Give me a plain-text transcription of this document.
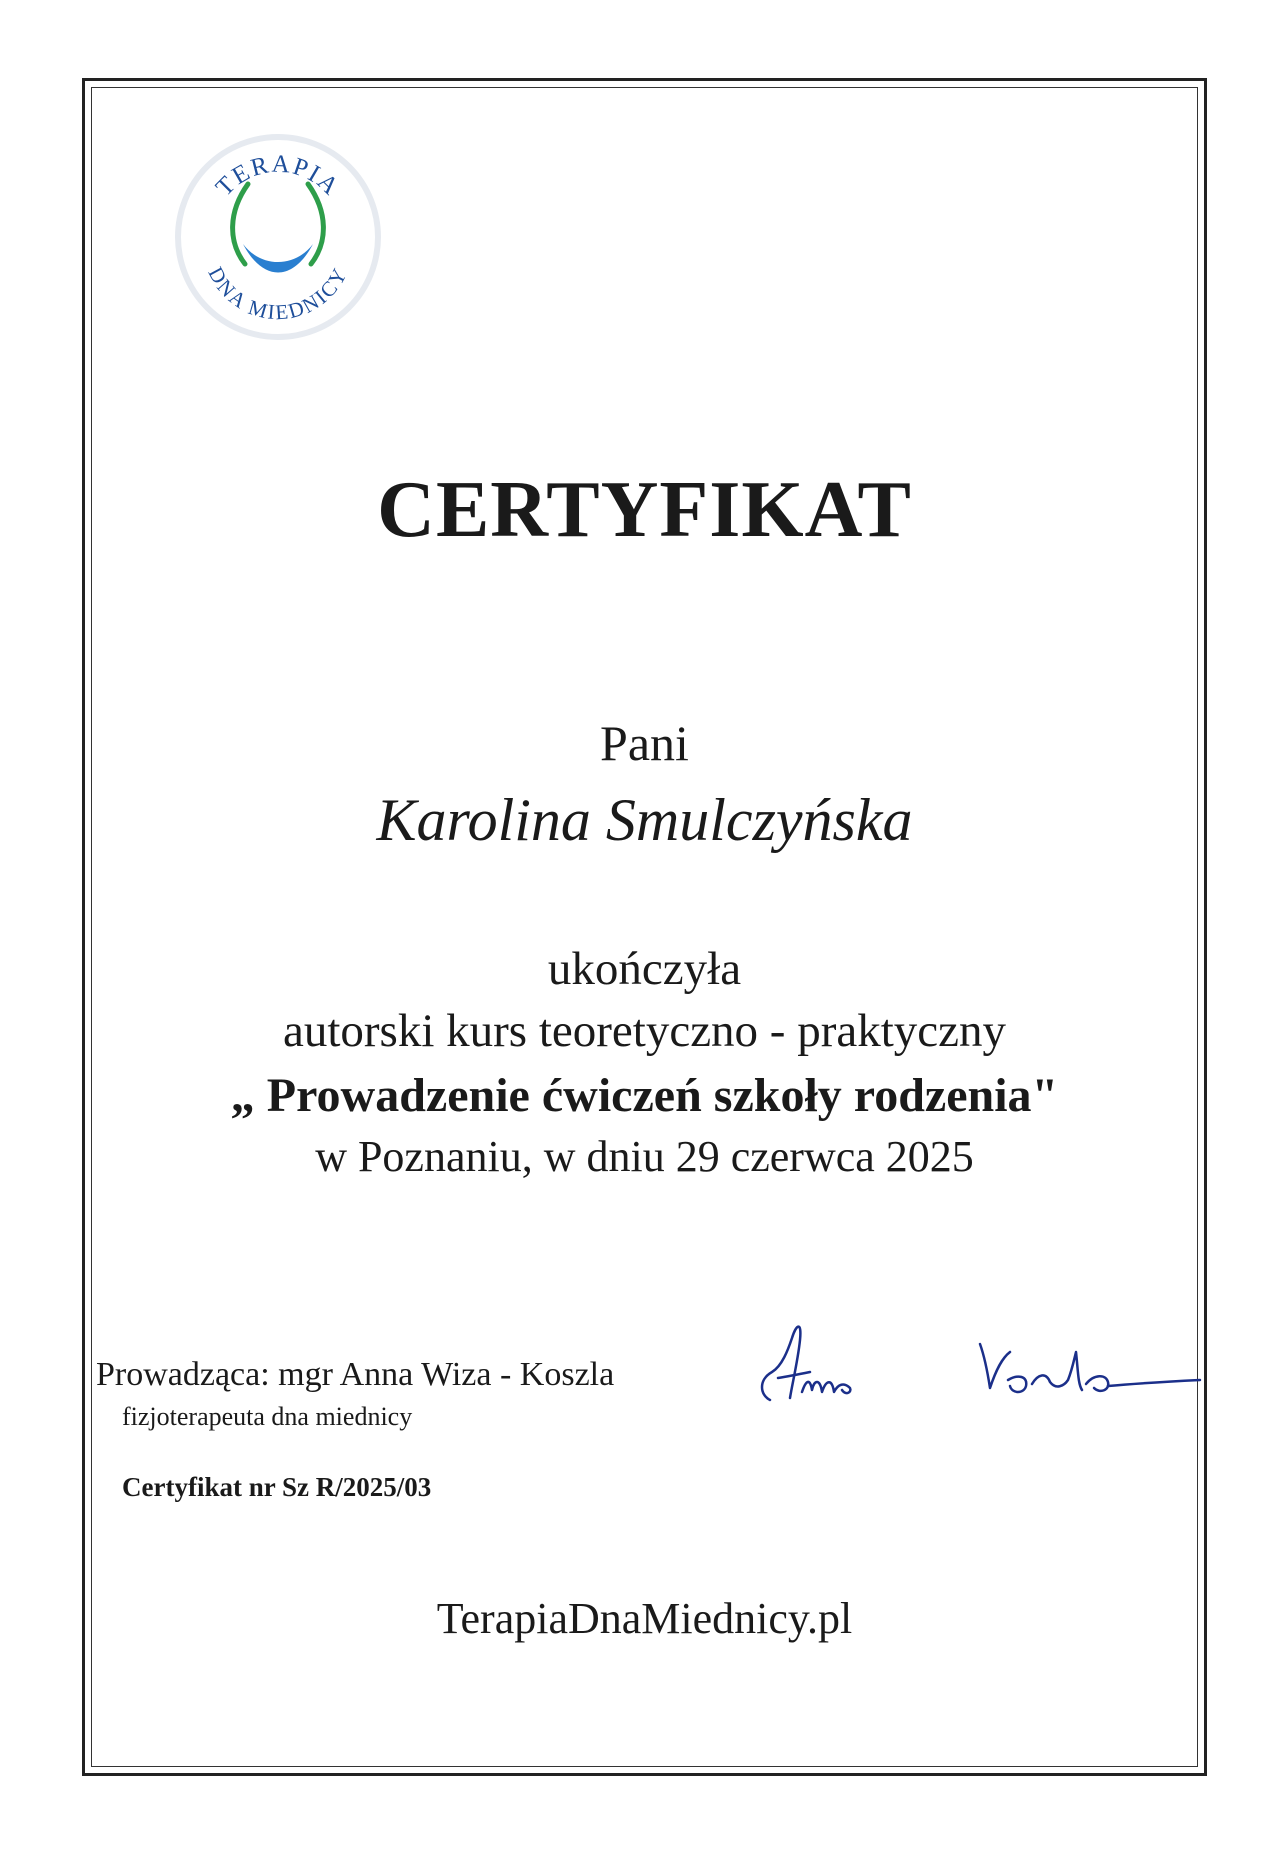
TERAPIA
DNA MIEDNICY
CERTYFIKAT
Pani
Karolina Smulczyńska
ukończyła
autorski kurs teoretyczno - praktyczny
„ Prowadzenie ćwiczeń szkoły rodzenia"
w Poznaniu, w dniu 29 czerwca 2025
Prowadząca: mgr Anna Wiza - Koszla
fizjoterapeuta dna miednicy
Certyfikat nr Sz R/2025/03
TerapiaDnaMiednicy.pl
